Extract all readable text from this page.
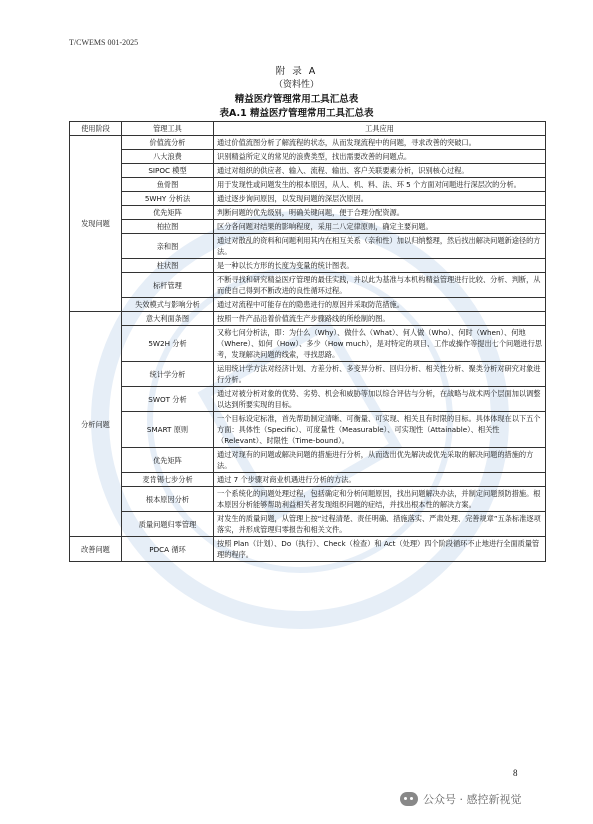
T/CWEMS 001-2025
附 录 A
（资料性）
精益医疗管理常用工具汇总表
表A.1 精益医疗管理常用工具汇总表
使用阶段	管理工具	工具应用
发现问题	价值流分析	通过价值流图分析了解流程的状态，从而发现流程中的问题，寻求改善的突破口。
	八大浪费	识别精益所定义的常见的浪费类型，找出需要改善的问题点。
	SIPOC 模型	通过对组织的供应者、输入、流程、输出、客户关联要素分析，识别核心过程。
	鱼骨图	用于发现性或问题发生的根本原因，从人、机、料、法、环 5 个方面对问题进行深层次的分析。
	5WHY 分析法	通过逐步询问原因，以发现问题的深层次原因。
	优先矩阵	判断问题的优先级别，明确关键问题，便于合理分配资源。
	柏拉图	区分各问题对结果的影响程度，采用二八定律原则，确定主要问题。
	亲和图	通过对散乱的资料和问题利用其内在相互关系（亲和性）加以归纳整理，然后找出解决问题新途径的方法。
	柱状图	是一种以长方形的长度为变量的统计图表。
	标杆管理	不断寻找和研究精益医疗管理的最佳实践，并以此为基准与本机构精益管理进行比较、分析、判断，从而使自己得到不断改进的良性循环过程。
	失效模式与影响分析	通过对流程中可能存在的隐患进行的原因并采取防范措施。
分析问题	意大利面条图	按照一件产品沿着价值流生产步骤路线的所绘制的图。
	5W2H 分析	又称七问分析法，即：为什么（Why）、做什么（What）、何人做（Who）、何时（When）、何地（Where）、如何（How）、多少（How much），是对特定的项目、工作或操作等提出七个问题进行思考，发现解决问题的线索，寻找思路。
	统计学分析	运用统计学方法对经济计划、方差分析、多变异分析、回归分析、相关性分析、聚类分析对研究对象进行分析。
	SWOT 分析	通过对被分析对象的优势、劣势、机会和威胁等加以综合评估与分析，在战略与战术两个层面加以调整以达到所要实现的目标。
	SMART 原则	一个目标设定标准，首先帮助制定清晰、可衡量、可实现、相关且有时限的目标。具体体现在以下五个方面：具体性（Specific）、可度量性（Measurable）、可实现性（Attainable）、相关性（Relevant）、时限性（Time-bound）。
	优先矩阵	通过对现有的问题或解决问题的措施进行分析，从而选出优先解决或优先采取的解决问题的措施的方法。
	麦肯锡七步分析	通过 7 个步骤对商业机遇进行分析的方法。
	根本原因分析	一个系统化的问题处理过程，包括确定和分析问题原因，找出问题解决办法，并制定问题预防措施。根本原因分析能够帮助利益相关者发现组织问题的症结，并找出根本性的解决方案。
	质量问题归零管理	对发生的质量问题，从管理上按“过程清楚、责任明确、措施落实、严肃处理、完善规章”五条标准逐项落实，并形成管理归零报告和相关文件。
改善问题	PDCA 循环	按照 Plan（计划）、Do（执行）、Check（检查）和 Act（处理）四个阶段循环不止地进行全面质量管理的程序。
8
公众号 · 感控新视觉
